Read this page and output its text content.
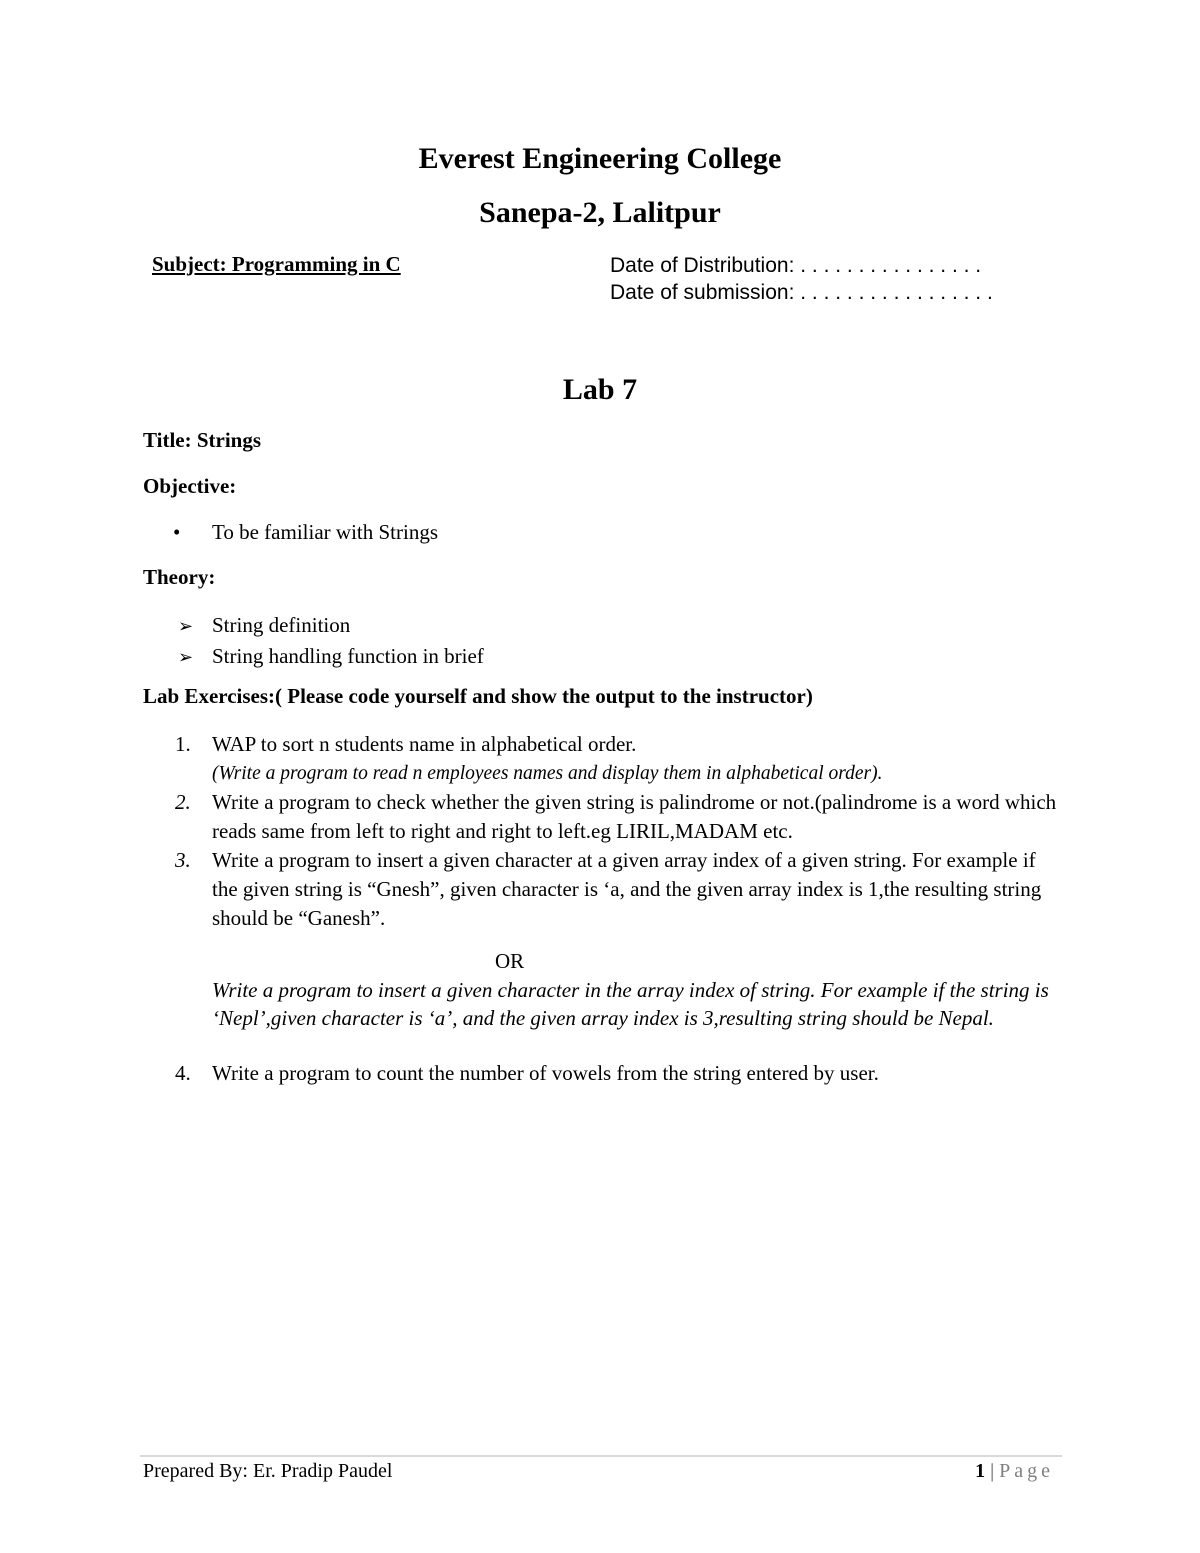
Everest Engineering College
Sanepa-2, Lalitpur
Subject: Programming in C	Date of Distribution: . . . . . . . . . . . . . . . .
Date of submission: . . . . . . . . . . . . . . . . .
Lab 7
Title: Strings
Objective:
• To be familiar with Strings
Theory:
➢ String definition
➢ String handling function in brief
Lab Exercises:( Please code yourself and show the output to the instructor)
1.	WAP to sort n students name in alphabetical order.
(Write a program to read n employees names and display them in alphabetical order).
2.	Write a program to check whether the given string is palindrome or not.(palindrome is a word which reads same from left to right and right to left.eg LIRIL,MADAM etc.
3.	Write a program to insert a given character at a given array index of a given string. For example if the given string is “Gnesh”, given character is ‘a, and the given array index is 1,the resulting string should be “Ganesh”.
OR
Write a program to insert a given character in the array index of string. For example if the string is ‘Nepl’,given character is ‘a’, and the given array index is 3,resulting string should be Nepal.
4.	Write a program to count the number of vowels from the string entered by user.
Prepared By: Er. Pradip Paudel	1 | Page
